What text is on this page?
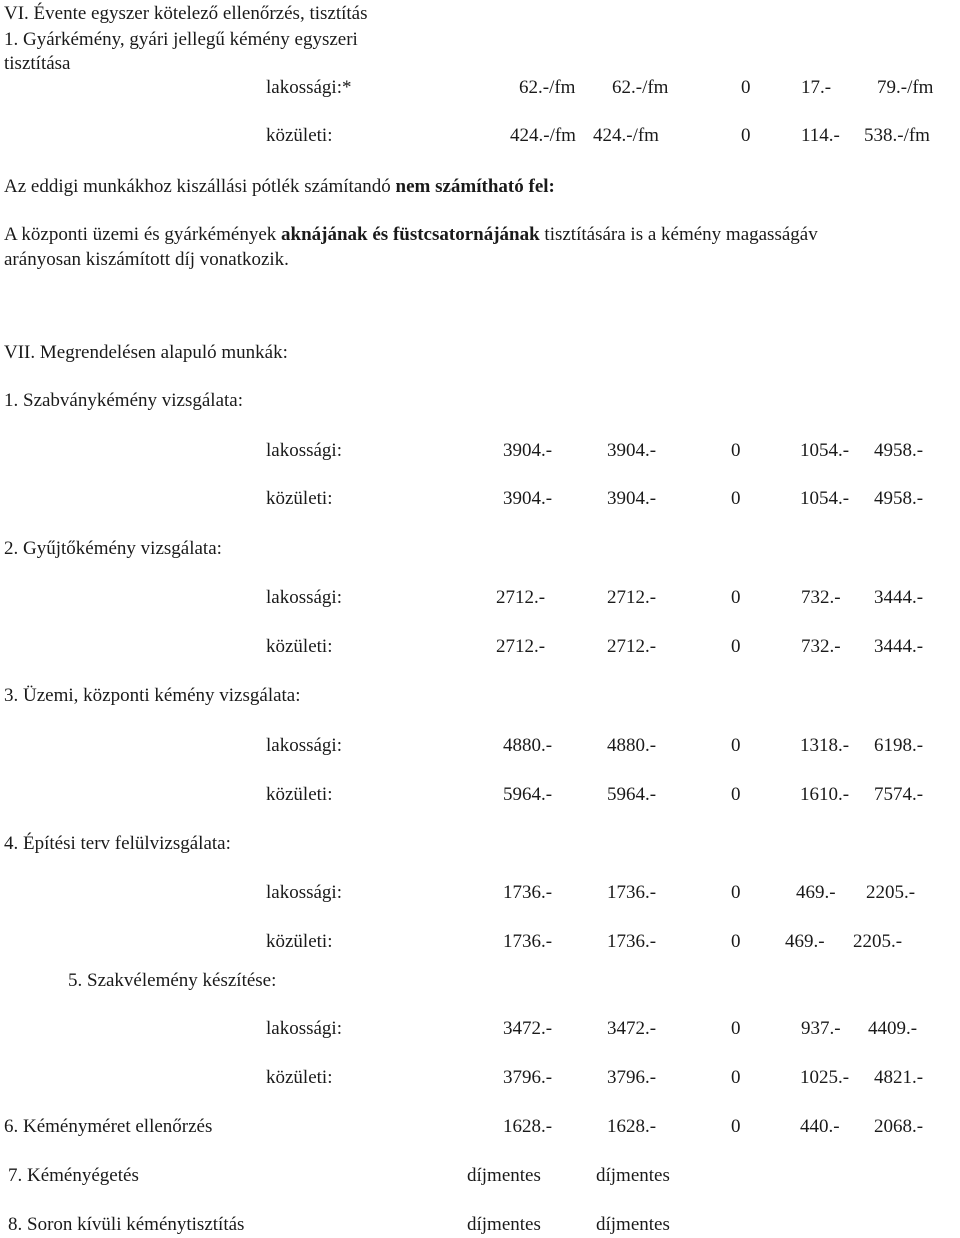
VI. Évente egyszer kötelező ellenőrzés, tisztítás
1. Gyárkémény, gyári jellegű kémény egyszeri
tisztítása
lakossági:*	62.-/fm 62.-/fm	0	17.- 79.-/fm
közületi:	424.-/fm 424.-/fm	0	114.- 538.-/fm
Az eddigi munkákhoz kiszállási pótlék számítandó nem számítható fel:
A központi üzemi és gyárkémények aknájának és füstcsatornájának tisztítására is a kémény magasságáv
arányosan kiszámított díj vonatkozik.
VII. Megrendelésen alapuló munkák:
1. Szabványkémény vizsgálata:
lakossági:	3904.-	3904.-	0	1054.- 4958.-
közületi:	3904.-	3904.-	0	1054.- 4958.-
2. Gyűjtőkémény vizsgálata:
lakossági:	2712.-	2712.-	0	732.- 3444.-
közületi:	2712.-	2712.-	0	732.- 3444.-
3. Üzemi, központi kémény vizsgálata:
lakossági:	4880.-	4880.-	0	1318.- 6198.-
közületi:	5964.-	5964.-	0	1610.- 7574.-
4. Építési terv felülvizsgálata:
lakossági:	1736.-	1736.-	0	469.- 2205.-
közületi:	1736.-	1736.-	0 469.- 2205.-
5. Szakvélemény készítése:
lakossági:	3472.-	3472.-	0	937.- 4409.-
közületi:	3796.-	3796.-	0	1025.- 4821.-
6. Kéményméret ellenőrzés	1628.-	1628.-	0	440.- 2068.-
7. Kéményégetés	díjmentes	díjmentes
8. Soron kívüli kéménytisztítás	díjmentes	díjmentes
